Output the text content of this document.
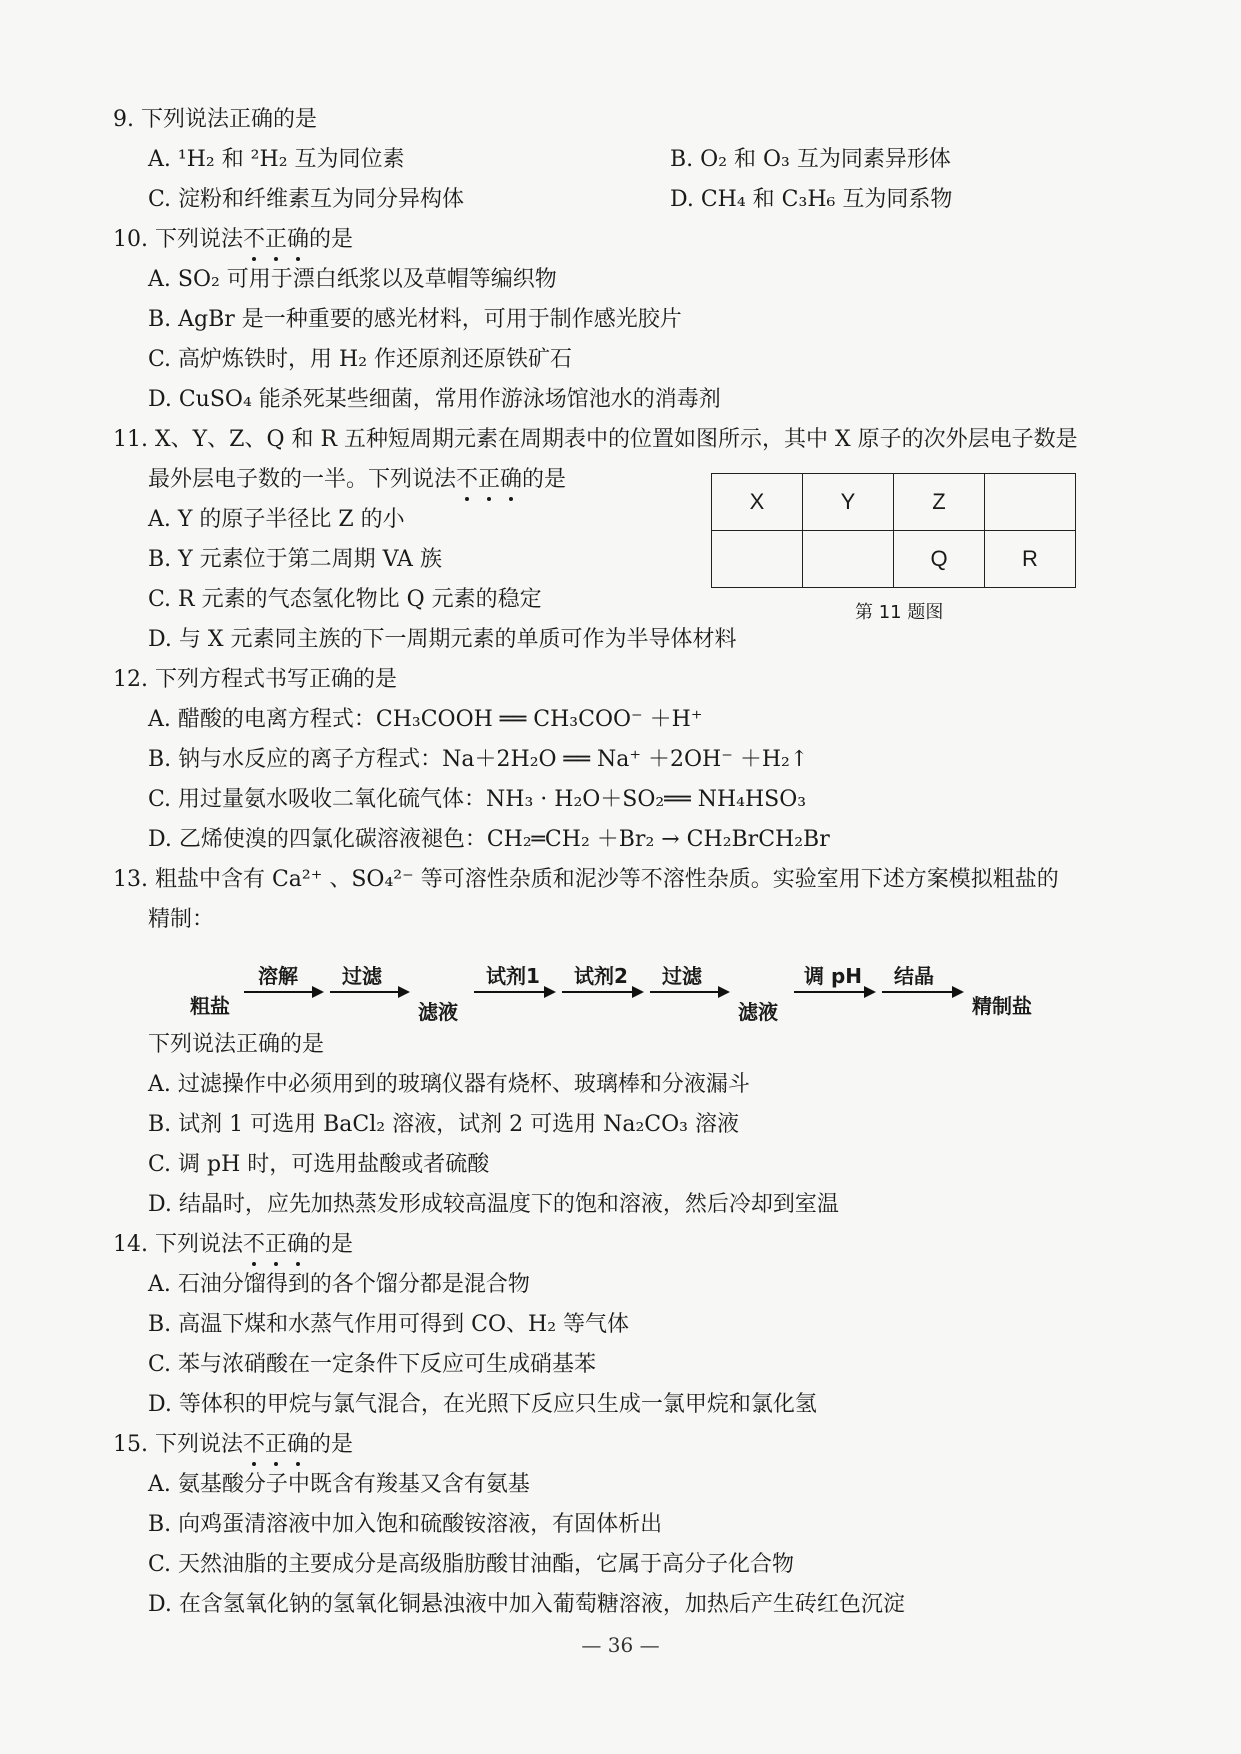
9. 下列说法正确的是
A. ¹H₂ 和 ²H₂ 互为同位素	B. O₂ 和 O₃ 互为同素异形体
C. 淀粉和纤维素互为同分异构体	D. CH₄ 和 C₃H₆ 互为同系物
10. 下列说法不正确
的是
A. SO₂ 可用于漂白纸浆以及草帽等编织物
B. AgBr 是一种重要的感光材料，可用于制作感光胶片
C. 高炉炼铁时，用 H₂ 作还原剂还原铁矿石
D. CuSO₄ 能杀死某些细菌，常用作游泳场馆池水的消毒剂
11. X、Y、Z、Q 和 R 五种短周期元素在周期表中的位置如图所示，其中 X 原子的次外层电子数是
最外层电子数的一半。下列说法不正确
的是
A. Y 的原子半径比 Z 的小
B. Y 元素位于第二周期 VA 族
C. R 元素的气态氢化物比 Q 元素的稳定
D. 与 X 元素同主族的下一周期元素的单质可作为半导体材料
X	Y	Z	
		Q	R
第 11 题图
12. 下列方程式书写正确的是
A. 醋酸的电离方程式：CH₃COOH ══ CH₃COO⁻ ＋H⁺
B. 钠与水反应的离子方程式：Na＋2H₂O ══ Na⁺ ＋2OH⁻ ＋H₂↑
C. 用过量氨水吸收二氧化硫气体：NH₃ · H₂O＋SO₂══ NH₄HSO₃
D. 乙烯使溴的四氯化碳溶液褪色：CH₂═CH₂ ＋Br₂ → CH₂BrCH₂Br
13. 粗盐中含有 Ca²⁺ 、SO₄²⁻ 等可溶性杂质和泥沙等不溶性杂质。实验室用下述方案模拟粗盐的
精制：
粗盐
溶解 过滤
滤液
试剂1 试剂2 过滤
滤液
调 pH 结晶
精制盐
下列说法正确的是
A. 过滤操作中必须用到的玻璃仪器有烧杯、玻璃棒和分液漏斗
B. 试剂 1 可选用 BaCl₂ 溶液，试剂 2 可选用 Na₂CO₃ 溶液
C. 调 pH 时，可选用盐酸或者硫酸
D. 结晶时，应先加热蒸发形成较高温度下的饱和溶液，然后冷却到室温
14. 下列说法不正确
的是
A. 石油分馏得到的各个馏分都是混合物
B. 高温下煤和水蒸气作用可得到 CO、H₂ 等气体
C. 苯与浓硝酸在一定条件下反应可生成硝基苯
D. 等体积的甲烷与氯气混合，在光照下反应只生成一氯甲烷和氯化氢
15. 下列说法不正确
的是
A. 氨基酸分子中既含有羧基又含有氨基
B. 向鸡蛋清溶液中加入饱和硫酸铵溶液，有固体析出
C. 天然油脂的主要成分是高级脂肪酸甘油酯，它属于高分子化合物
D. 在含氢氧化钠的氢氧化铜悬浊液中加入葡萄糖溶液，加热后产生砖红色沉淀
— 36 —
